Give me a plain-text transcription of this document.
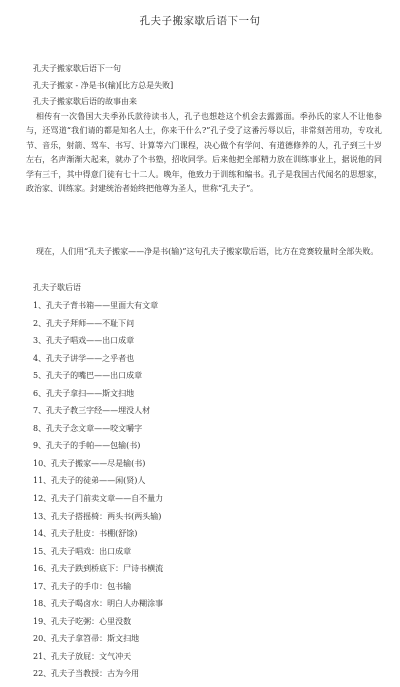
孔夫子搬家歇后语下一句
孔夫子搬家歇后语下一句
孔夫子搬家 - 净是书(输)[比方总是失败]
孔夫子搬家歇后语的故事由来
相传有一次鲁国大夫季孙氏款待读书人，孔子也想趁这个机会去露露面。季孙氏的家人不让他参与，还骂道“我们请的都是知名人士，你来干什么?”孔子受了这番污辱以后，非常刻苦用功，专攻礼节、音乐，射箭、驾车、书写、计算等六门课程，决心做个有学问、有道德修养的人，孔子到三十岁左右，名声渐渐大起来，就办了个书塾，招收同学。后来他把全部精力放在训练事业上，据说他的同学有三千，其中得意门徒有七十二人。晚年，他致力于训练和编书。孔子是我国古代闻名的思想家，政治家、训练家。封建统治者始终把他尊为圣人，世称“孔夫子”。
现在，人们用“孔夫子搬家——净是书(输)”这句孔夫子搬家歇后语，比方在竞赛较量时全部失败。
孔夫子歇后语
1、孔夫子背书箱——里面大有文章
2、孔夫子拜师——不耻下问
3、孔夫子唱戏——出口成章
4、孔夫子讲学——之乎者也
5、孔夫子的嘴巴——出口成章
6、孔夫子拿扫——斯文扫地
7、孔夫子教三字经——埋没人材
8、孔夫子念文章——咬文嚼字
9、孔夫子的手帕——包输(书)
10、孔夫子搬家——尽是输(书)
11、孔夫子的徒弟——闲(贤)人
12、孔夫子门前卖文章——自不量力
13、孔夫子搭摇椅：两头书(两头输)
14、孔夫子肚皮：书棚(舒馀)
15、孔夫子唱戏：出口成章
16、孔夫子跌到桥底下：尸诗书横流
17、孔夫子的手巾：包书输
18、孔夫子喝卤水：明白人办糊涂事
19、孔夫子吃粥：心里没数
20、孔夫子拿笤帚：斯文扫地
21、孔夫子放屁：文气冲天
22、孔夫子当教授：古为今用
